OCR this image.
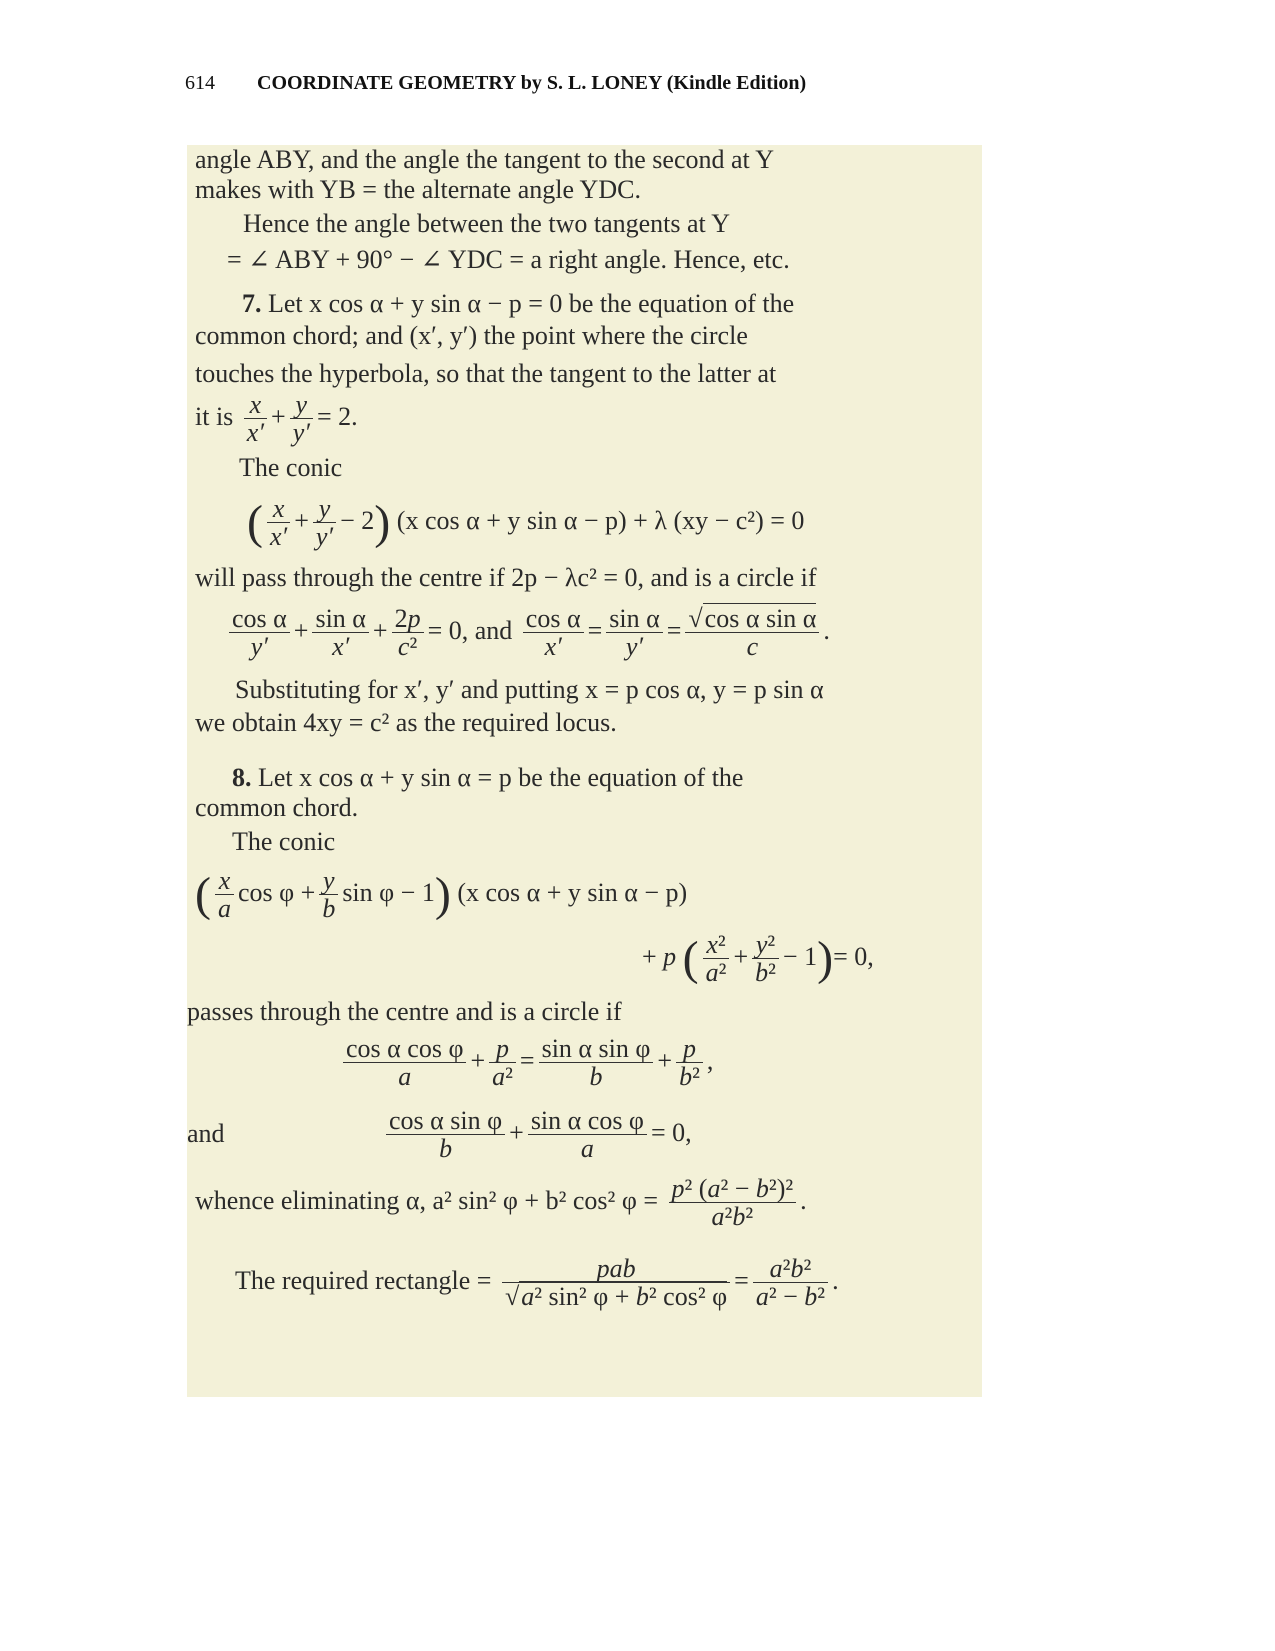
614 COORDINATE GEOMETRY by S. L. LONEY (Kindle Edition)
angle ABY, and the angle the tangent to the second at Y
makes with YB = the alternate angle YDC.
Hence the angle between the two tangents at Y
= ∠ ABY + 90° − ∠ YDC = a right angle. Hence, etc.
7. Let x cos α + y sin α − p = 0 be the equation of the
common chord; and (x′, y′) the point where the circle
touches the hyperbola, so that the tangent to the latter at
it is $\frac{x}{x'} + \frac{y}{y'} = 2$.
The conic
( $\frac{x}{x'} + \frac{y}{y'} - 2$) (x cos α + y sin α − p) + λ (xy − c²) = 0
will pass through the centre if 2p − λc² = 0, and is a circle if
$\frac{\text{cos α}}{y'} + \frac{\text{sin α}}{x'} + \frac{2p}{\text{c²}} = 0$, and $\frac{\text{cos α}}{x'} = \frac{\text{sin α}}{y'} = \frac{\text{√cos α sin α}}{c}$ .
Substituting for x′, y′ and putting x = p cos α, y = p sin α
we obtain 4xy = c² as the required locus.
8. Let x cos α + y sin α = p be the equation of the
common chord.
The conic
( $\frac{x}{a}$ $\cos \varphi + \frac{y}{b}$ sin φ − 1) (x cos α + y sin α − p)
+ p ( $\frac{\text{x²}}{\text{a²}} + \frac{\text{y²}}{\text{b²}} - 1)= 0$,
passes through the centre and is a circle if
$\frac{\text{cos α cos φ}}{a} + \frac{p}{\text{a²}} = \frac{\text{sin α sin φ}}{b} + \frac{p}{\text{b²}}$ ,
and	$\frac{\text{cos α sin φ}}{b} + \frac{\text{sin α cos φ}}{a} = 0$,
whence eliminating α, a² sin² φ + b² cos² $\varphi = \frac{\text{p² (a² − b²)²}}{\text{a²b²}}$ .
The required rectangle = $\frac{\text{pab}}{\text{√a² sin² φ + b² cos² φ}} = \frac{\text{a²b²}}{\text{a² − b²}}$ .
